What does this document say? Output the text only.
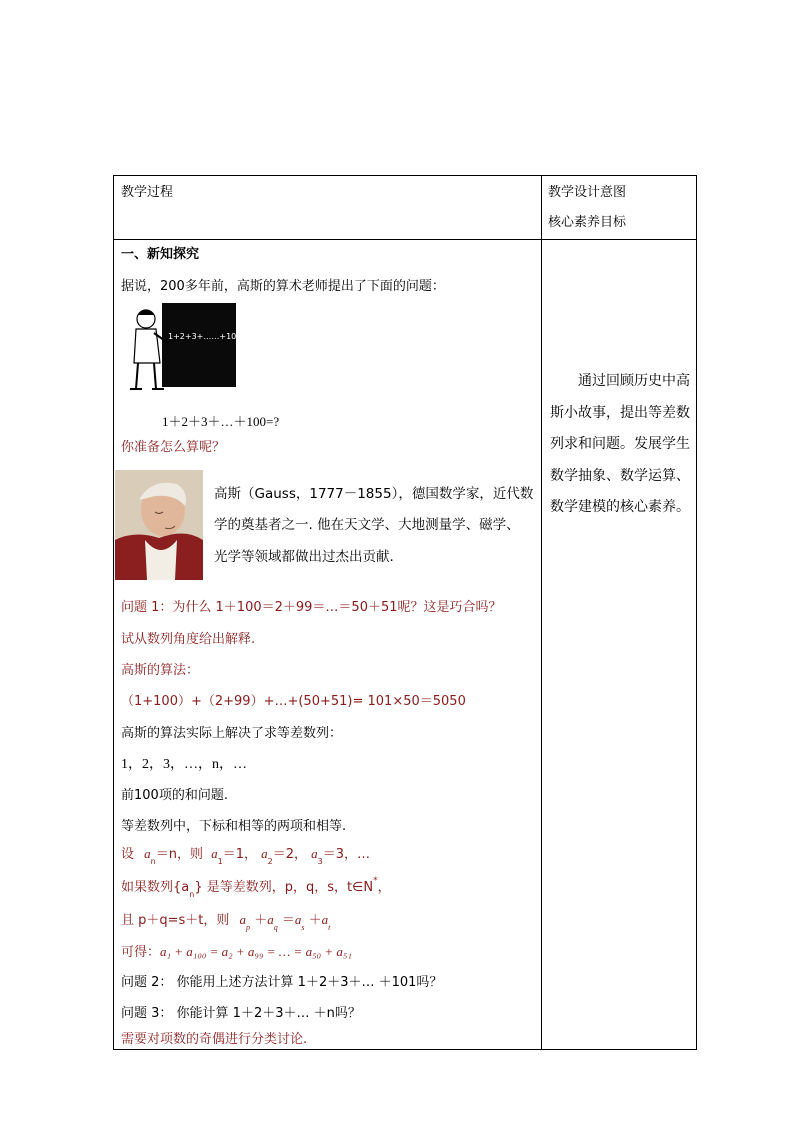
教学过程	教学设计意图
核心素养目标
一、新知探究
据说，200多年前，高斯的算术老师提出了下面的问题：
1+2+3+……+100=?
1＋2＋3＋…＋100=?
你准备怎么算呢？
高斯（Gauss，1777－1855），德国数学家，近代数
学的奠基者之一. 他在天文学、大地测量学、磁学、
光学等领域都做出过杰出贡献.
问题 1：为什么 1＋100＝2＋99＝…＝50＋51呢？这是巧合吗？
试从数列角度给出解释.
高斯的算法：
（1+100）+（2+99）+…+(50+51)= 101×50＝5050
高斯的算法实际上解决了求等差数列：
1，2，3，…，n，…
前100项的和问题.
等差数列中，下标和相等的两项和相等.
设 $a_n=n$，则 $a_1=1$， $a_2=2$， $a_3=3$，…
如果数列$\{a_n\}$ 是等差数列，p，q，s，t∈N*，
且 p＋q=s＋t，则 $a_p +a_q =a_s +a_t$
可得：a₁ + a₁₀₀ = a₂ + a₉₉ = … = a₅₀ + a₅₁
问题 2： 你能用上述方法计算 1＋2＋3＋… ＋101吗？
问题 3： 你能计算 1＋2＋3＋… ＋n吗？
需要对项数的奇偶进行分类讨论.
　　通过回顾历史中高
斯小故事，提出等差数
列求和问题。发展学生
数学抽象、数学运算、
数学建模的核心素养。
